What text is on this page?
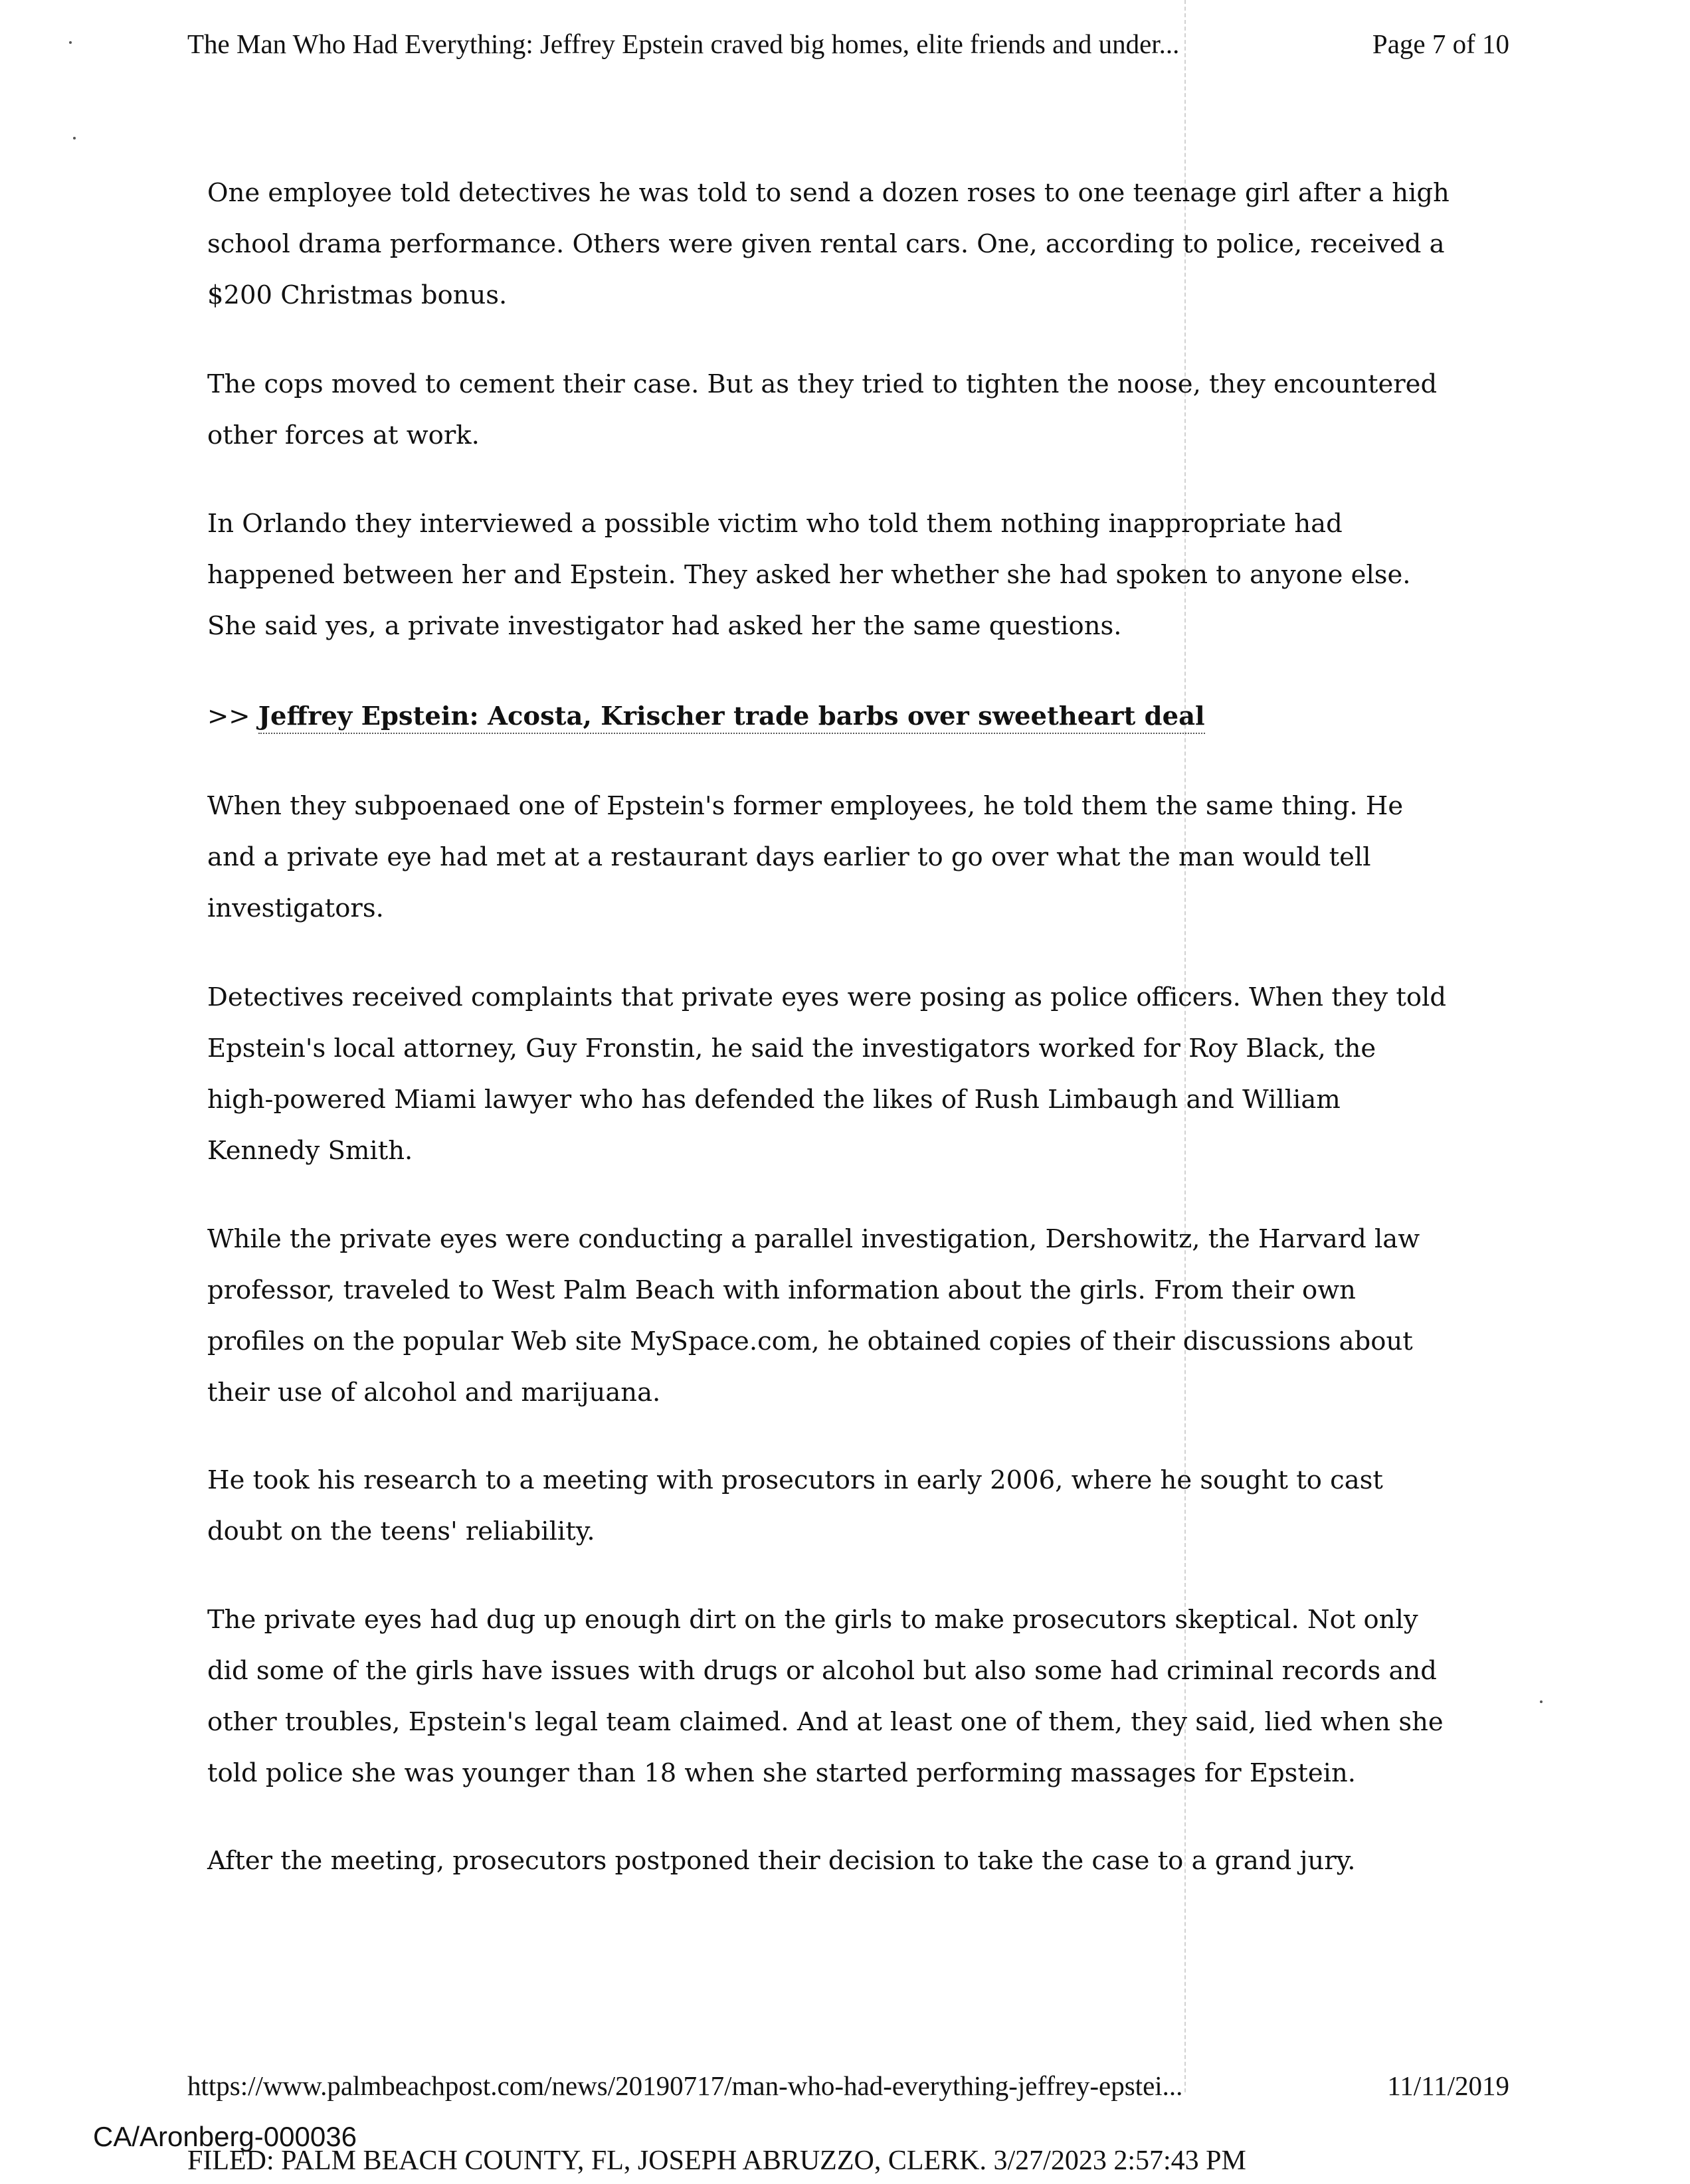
The Man Who Had Everything: Jeffrey Epstein craved big homes, elite friends and under...	Page 7 of 10

One employee told detectives he was told to send a dozen roses to one teenage girl after a high
school drama performance. Others were given rental cars. One, according to police, received a
$200 Christmas bonus.

The cops moved to cement their case. But as they tried to tighten the noose, they encountered
other forces at work.

In Orlando they interviewed a possible victim who told them nothing inappropriate had
happened between her and Epstein. They asked her whether she had spoken to anyone else.
She said yes, a private investigator had asked her the same questions.

>> Jeffrey Epstein: Acosta, Krischer trade barbs over sweetheart deal

When they subpoenaed one of Epstein's former employees, he told them the same thing. He
and a private eye had met at a restaurant days earlier to go over what the man would tell
investigators.

Detectives received complaints that private eyes were posing as police officers. When they told
Epstein's local attorney, Guy Fronstin, he said the investigators worked for Roy Black, the
high-powered Miami lawyer who has defended the likes of Rush Limbaugh and William
Kennedy Smith.

While the private eyes were conducting a parallel investigation, Dershowitz, the Harvard law
professor, traveled to West Palm Beach with information about the girls. From their own
profiles on the popular Web site MySpace.com, he obtained copies of their discussions about
their use of alcohol and marijuana.

He took his research to a meeting with prosecutors in early 2006, where he sought to cast
doubt on the teens' reliability.

The private eyes had dug up enough dirt on the girls to make prosecutors skeptical. Not only
did some of the girls have issues with drugs or alcohol but also some had criminal records and
other troubles, Epstein's legal team claimed. And at least one of them, they said, lied when she
told police she was younger than 18 when she started performing massages for Epstein.

After the meeting, prosecutors postponed their decision to take the case to a grand jury.

https://www.palmbeachpost.com/news/20190717/man-who-had-everything-jeffrey-epstei...	11/11/2019
CA/Aronberg-000036
FILED: PALM BEACH COUNTY, FL, JOSEPH ABRUZZO, CLERK. 3/27/2023 2:57:43 PM
